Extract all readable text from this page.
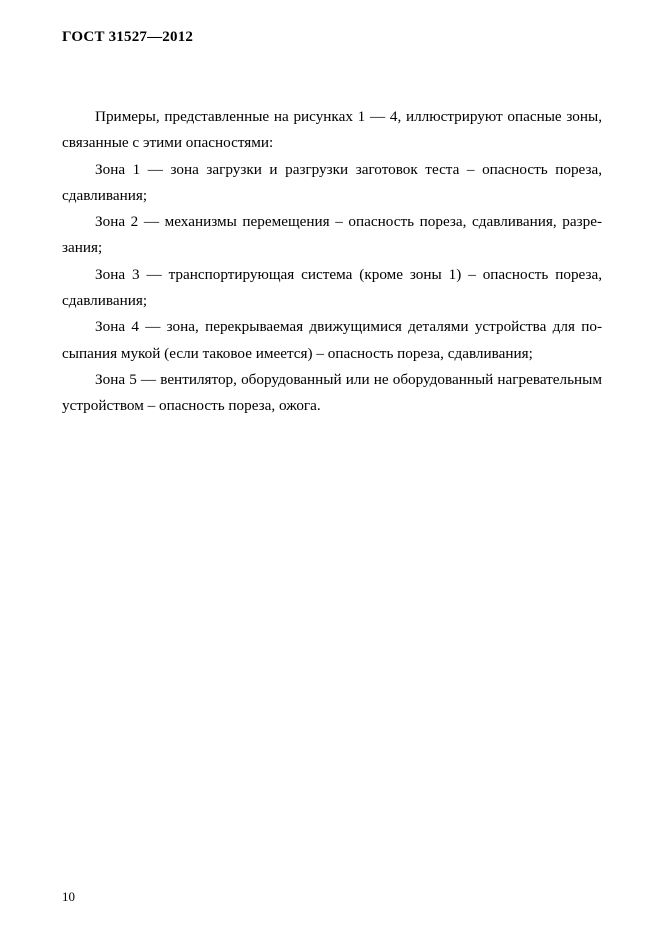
ГОСТ 31527—2012

Примеры, представленные на рисунках 1 — 4, иллюстрируют опасные зоны, связанные с этими опасностями:

Зона 1 — зона загрузки и разгрузки заготовок теста – опасность пореза, сдавливания;

Зона 2 — механизмы перемещения – опасность пореза, сдавливания, разрезания;

Зона 3 — транспортирующая система (кроме зоны 1) – опасность пореза, сдавливания;

Зона 4 — зона, перекрываемая движущимися деталями устройства для посыпания мукой (если таковое имеется) – опасность пореза, сдавливания;

Зона 5 — вентилятор, оборудованный или не оборудованный нагревательным устройством – опасность пореза, ожога.

10
